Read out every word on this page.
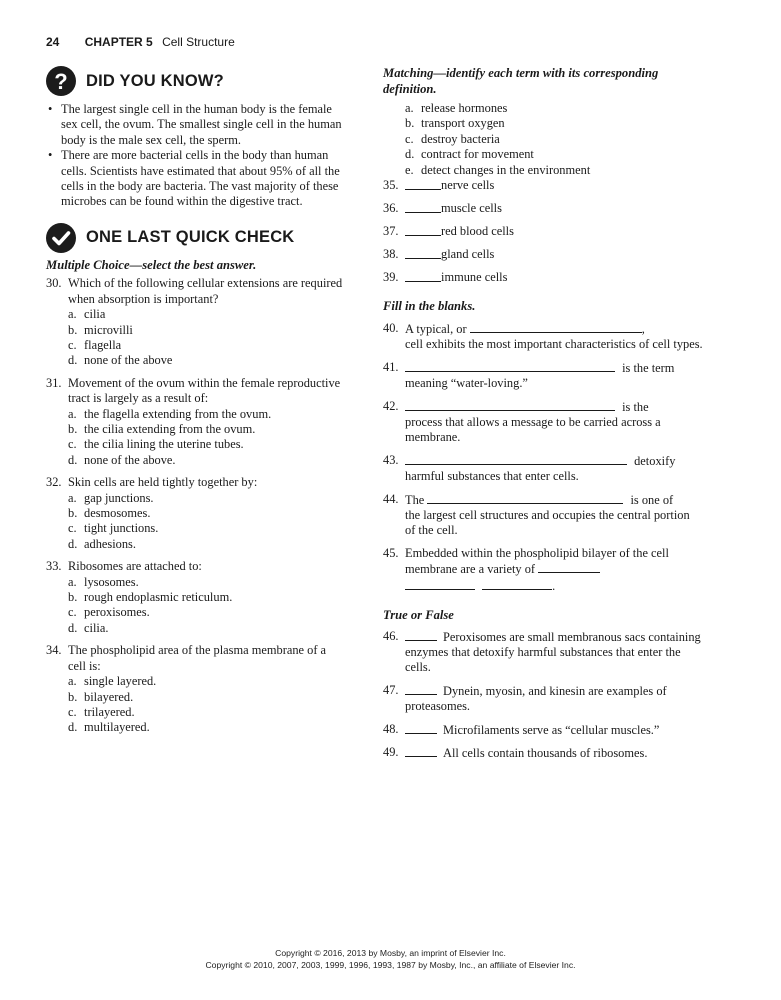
24 CHAPTER 5 Cell Structure
? DID YOU KNOW?
• The largest single cell in the human body is the female sex cell, the ovum. The smallest single cell in the human body is the male sex cell, the sperm.
• There are more bacterial cells in the body than human cells. Scientists have estimated that about 95% of all the cells in the body are bacteria. The vast majority of these microbes can be found within the digestive tract.
ONE LAST QUICK CHECK
Multiple Choice—select the best answer.
30. Which of the following cellular extensions are required when absorption is important?
a. cilia
b. microvilli
c. flagella
d. none of the above
31. Movement of the ovum within the female reproductive tract is largely as a result of:
a. the flagella extending from the ovum.
b. the cilia extending from the ovum.
c. the cilia lining the uterine tubes.
d. none of the above.
32. Skin cells are held tightly together by:
a. gap junctions.
b. desmosomes.
c. tight junctions.
d. adhesions.
33. Ribosomes are attached to:
a. lysosomes.
b. rough endoplasmic reticulum.
c. peroxisomes.
d. cilia.
34. The phospholipid area of the plasma membrane of a cell is:
a. single layered.
b. bilayered.
c. trilayered.
d. multilayered.
Matching—identify each term with its corresponding definition.
a. release hormones
b. transport oxygen
c. destroy bacteria
d. contract for movement
e. detect changes in the environment
35.	nerve cells
36.	muscle cells
37.	red blood cells
38.	gland cells
39.	immune cells
Fill in the blanks.
40. A typical, or	,
cell exhibits the most important characteristics of cell types.
41.	is the term
meaning “water-loving.”
42.	is the
process that allows a message to be carried across a membrane.
43.	detoxify
harmful substances that enter cells.
44. The	is one of
the largest cell structures and occupies the central portion of the cell.
45. Embedded within the phospholipid bilayer of the cell membrane are a variety of
.
True or False
46.	Peroxisomes are small membranous sacs containing enzymes that detoxify harmful substances that enter the cells.
47.	Dynein, myosin, and kinesin are examples of proteasomes.
48.	Microfilaments serve as “cellular muscles.”
49.	All cells contain thousands of ribosomes.
Copyright © 2016, 2013 by Mosby, an imprint of Elsevier Inc.
Copyright © 2010, 2007, 2003, 1999, 1996, 1993, 1987 by Mosby, Inc., an affiliate of Elsevier Inc.
